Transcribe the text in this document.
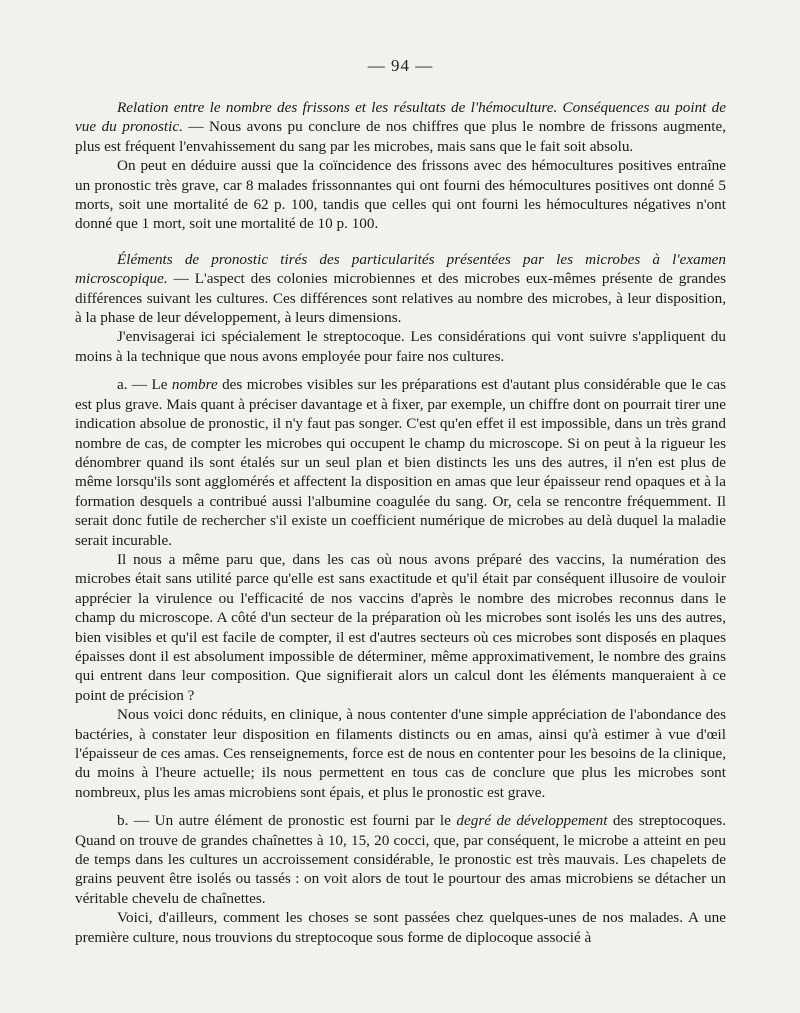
— 94 —

Relation entre le nombre des frissons et les résultats de l'hémoculture. Conséquences au point de vue du pronostic. — Nous avons pu conclure de nos chiffres que plus le nombre de frissons augmente, plus est fréquent l'envahissement du sang par les microbes, mais sans que le fait soit absolu.

On peut en déduire aussi que la coïncidence des frissons avec des hémocultures positives entraîne un pronostic très grave, car 8 malades frissonnantes qui ont fourni des hémocultures positives ont donné 5 morts, soit une mortalité de 62 p. 100, tandis que celles qui ont fourni les hémocultures négatives n'ont donné que 1 mort, soit une mortalité de 10 p. 100.

Éléments de pronostic tirés des particularités présentées par les microbes à l'examen microscopique. — L'aspect des colonies microbiennes et des microbes eux-mêmes présente de grandes différences suivant les cultures. Ces différences sont relatives au nombre des microbes, à leur disposition, à la phase de leur développement, à leurs dimensions.

J'envisagerai ici spécialement le streptocoque. Les considérations qui vont suivre s'appliquent du moins à la technique que nous avons employée pour faire nos cultures.

a. — Le nombre des microbes visibles sur les préparations est d'autant plus considérable que le cas est plus grave. Mais quant à préciser davantage et à fixer, par exemple, un chiffre dont on pourrait tirer une indication absolue de pronostic, il n'y faut pas songer. C'est qu'en effet il est impossible, dans un très grand nombre de cas, de compter les microbes qui occupent le champ du microscope. Si on peut à la rigueur les dénombrer quand ils sont étalés sur un seul plan et bien distincts les uns des autres, il n'en est plus de même lorsqu'ils sont agglomérés et affectent la disposition en amas que leur épaisseur rend opaques et à la formation desquels a contribué aussi l'albumine coagulée du sang. Or, cela se rencontre fréquemment. Il serait donc futile de rechercher s'il existe un coefficient numérique de microbes au delà duquel la maladie serait incurable.

Il nous a même paru que, dans les cas où nous avons préparé des vaccins, la numération des microbes était sans utilité parce qu'elle est sans exactitude et qu'il était par conséquent illusoire de vouloir apprécier la virulence ou l'efficacité de nos vaccins d'après le nombre des microbes reconnus dans le champ du microscope. A côté d'un secteur de la préparation où les microbes sont isolés les uns des autres, bien visibles et qu'il est facile de compter, il est d'autres secteurs où ces microbes sont disposés en plaques épaisses dont il est absolument impossible de déterminer, même approximativement, le nombre des grains qui entrent dans leur composition. Que signifierait alors un calcul dont les éléments manqueraient à ce point de précision ?

Nous voici donc réduits, en clinique, à nous contenter d'une simple appréciation de l'abondance des bactéries, à constater leur disposition en filaments distincts ou en amas, ainsi qu'à estimer à vue d'œil l'épaisseur de ces amas. Ces renseignements, force est de nous en contenter pour les besoins de la clinique, du moins à l'heure actuelle; ils nous permettent en tous cas de conclure que plus les microbes sont nombreux, plus les amas microbiens sont épais, et plus le pronostic est grave.

b. — Un autre élément de pronostic est fourni par le degré de développement des streptocoques. Quand on trouve de grandes chaînettes à 10, 15, 20 cocci, que, par conséquent, le microbe a atteint en peu de temps dans les cultures un accroissement considérable, le pronostic est très mauvais. Les chapelets de grains peuvent être isolés ou tassés : on voit alors de tout le pourtour des amas microbiens se détacher un véritable chevelu de chaînettes.

Voici, d'ailleurs, comment les choses se sont passées chez quelques-unes de nos malades. A une première culture, nous trouvions du streptocoque sous forme de diplocoque associé à
